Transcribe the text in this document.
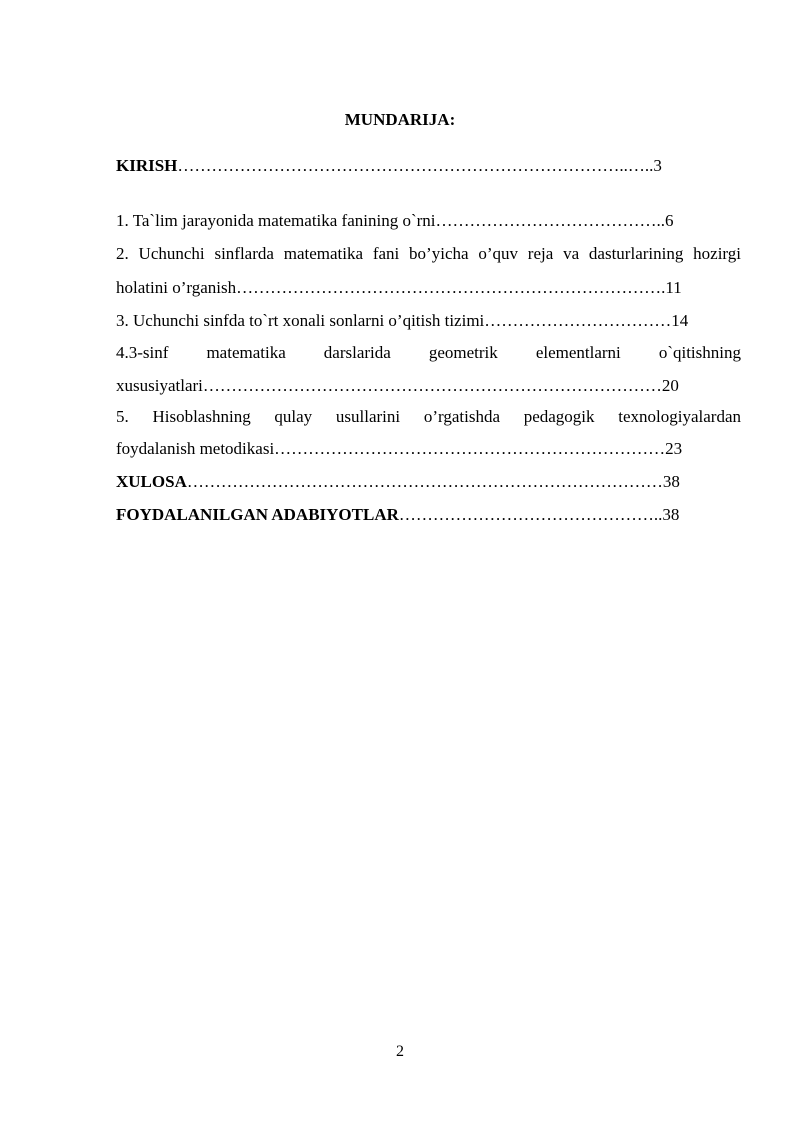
MUNDARIJA:
KIRISH……………………………………………………………………..…..3
1. Ta`lim jarayonida matematika fanining o`rni…………………………………..6
2. Uchunchi sinflarda matematika fani bo’yicha o’quv reja va dasturlarining hozirgi
holatini o’rganish………………………………………………………………….11
3. Uchunchi sinfda to`rt xonali sonlarni o’qitish tizimi……………………………14
4.3-sinf matematika darslarida geometrik elementlarni o`qitishning
xususiyatlari………………………………………………………………………20
5. Hisoblashning qulay usullarini o’rgatishda pedagogik texnologiyalardan
foydalanish metodikasi……………………………………………………………23
XULOSA…………………………………………………………………………38
FOYDALANILGAN ADABIYOTLAR………………………………………..38
2
